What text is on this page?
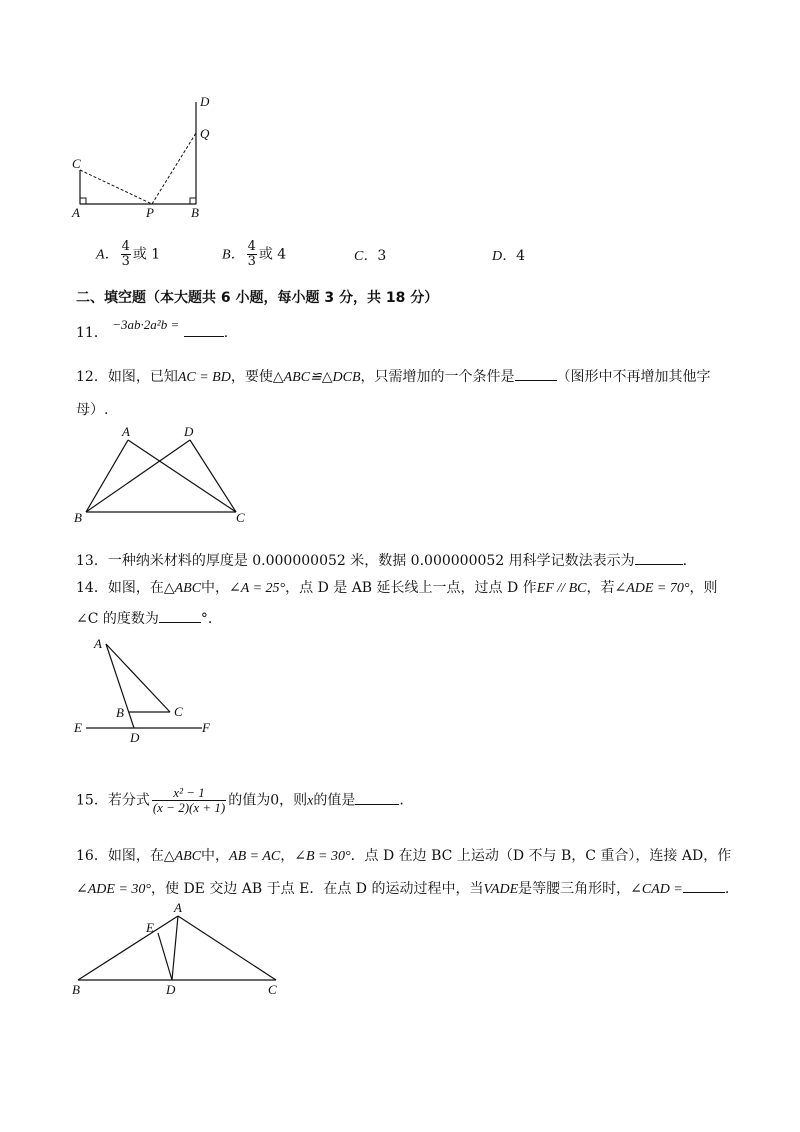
D
Q
C
A	P	B
A． $\frac{4}{3}$ 或 1	B． $\frac{4}{3}$ 或 4	C．3	D．4
二、填空题（本大题共 6 小题，每小题 3 分，共 18 分）
11． −3ab·2a²b = .
12．如图，已知AC = BD，要使△ABC≌△DCB，只需增加的一个条件是	（图形中不再增加其他字
母）.
A	D
B	C
13．一种纳米材料的厚度是 0.000000052 米，数据 0.000000052 用科学记数法表示为	.
14．如图，在△ABC中，∠A = 25°，点 D 是 AB 延长线上一点，过点 D 作EF // BC，若∠ADE = 70°，则
∠C 的度数为	°.
A
B	C
E
D
F
15．若分式 $\frac{\text{x² − 1}}{(x - 2)(x + 1)}$ 的值为0，则x的值是	.
16．如图，在△ABC中，AB = AC，∠B = 30°．点 D 在边 BC 上运动（D 不与 B，C 重合），连接 AD，作
∠ADE = 30°，使 DE 交边 AB 于点 E．在点 D 的运动过程中，当VADE是等腰三角形时，∠CAD =	.
A
E
B	D	C
